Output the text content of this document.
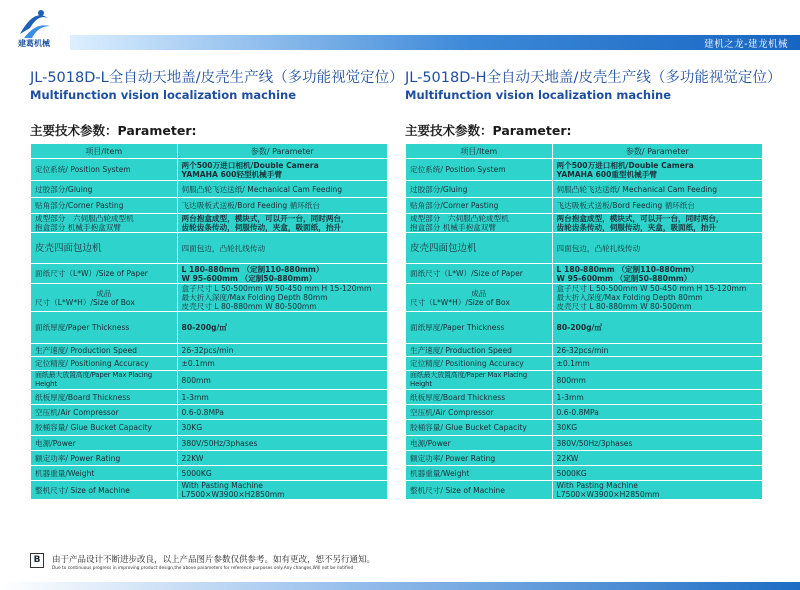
建葛机械	建机之龙-建龙机械
JL-5018D-L全自动天地盖/皮壳生产线（多功能视觉定位）
Multifunction vision localization machine
主要技术参数：Parameter:
项目/Item	参数/ Parameter
定位系统/ Position System	两个500万进口相机/Double Camera
YAMAHA 600轻型机械手臂

过胶部分/Gluing	伺服凸轮飞达送纸/ Mechanical Cam Feeding

贴角部分/Corner Pasting	飞达吸板式送板/Bord Feeding 循环纸台

成型部分　六伺服凸轮成型机
抱盒部分 机械手抱盒双臂	两台抱盒成型，模块式，可以开一台，同时两台，
齿轮齿条传动，伺服传动，夹盒，吸面纸，抬升

皮壳四面包边机	四面包边，凸轮扎线传动

面纸尺寸（L*W）/Size of Paper	L 180-880mm （定制110-880mm）
W 95-600mm （定制50-880mm）

成品
尺寸（L*W*H）/Size of Box	盒子尺寸 L 50-500mm W 50-450 mm H 15-120mm
最大折入深度/Max Folding Depth 80mm
皮壳尺寸 L 80-880mm W 80-500mm

面纸厚度/Paper Thickness	80-200g/㎡

生产速度/ Production Speed	26-32pcs/min

定位精度/ Positioning Accuracy	±0.1mm

面纸最大放置高度/Paper Max Placing Height	800mm

纸板厚度/Board Thickness	1-3mm

空压机/Air Compressor	0.6-0.8MPa

胶桶容量/ Glue Bucket Capacity	30KG

电源/Power	380V/50Hz/3phases

额定功率/ Power Rating	22KW

机器重量/Weight	5000KG

整机尺寸/ Size of Machine	With Pasting Machine
L7500×W3900×H2850mm
JL-5018D-H全自动天地盖/皮壳生产线（多功能视觉定位）
Multifunction vision localization machine
主要技术参数：Parameter:
项目/Item	参数/ Parameter
定位系统/ Position System	两个500万进口相机/Double Camera
YAMAHA 600重型机械手臂

过胶部分/Gluing	伺服凸轮飞达送纸/ Mechanical Cam Feeding

贴角部分/Corner Pasting	飞达吸板式送板/Bord Feeding 循环纸台

成型部分　六伺服凸轮成型机
抱盒部分 机械手抱盒双臂	两台抱盒成型，模块式，可以开一台，同时两台，
齿轮齿条传动，伺服传动，夹盒，吸面纸，抬升

皮壳四面包边机	四面包边，凸轮扎线传动

面纸尺寸（L*W）/Size of Paper	L 180-880mm （定制110-880mm）
W 95-600mm （定制50-880mm）

成品
尺寸（L*W*H）/Size of Box	盒子尺寸 L 50-500mm W 50-450 mm H 15-120mm
最大折入深度/Max Folding Depth 80mm
皮壳尺寸 L 80-880mm W 80-500mm

面纸厚度/Paper Thickness	80-200g/㎡

生产速度/ Production Speed	26-32pcs/min

定位精度/ Positioning Accuracy	±0.1mm

面纸最大放置高度/Paper Max Placing Height	800mm

纸板厚度/Board Thickness	1-3mm

空压机/Air Compressor	0.6-0.8MPa

胶桶容量/ Glue Bucket Capacity	30KG

电源/Power	380V/50Hz/3phases

额定功率/ Power Rating	22KW

机器重量/Weight	5000KG

整机尺寸/ Size of Machine	With Pasting Machine
L7500×W3900×H2850mm
B	由于产品设计不断进步改良，以上产品图片参数仅供参考。如有更改，恕不另行通知。
Due to continuous progress in improving product design,the above parameters for reference purposes only.Any changes,Will not be notified
